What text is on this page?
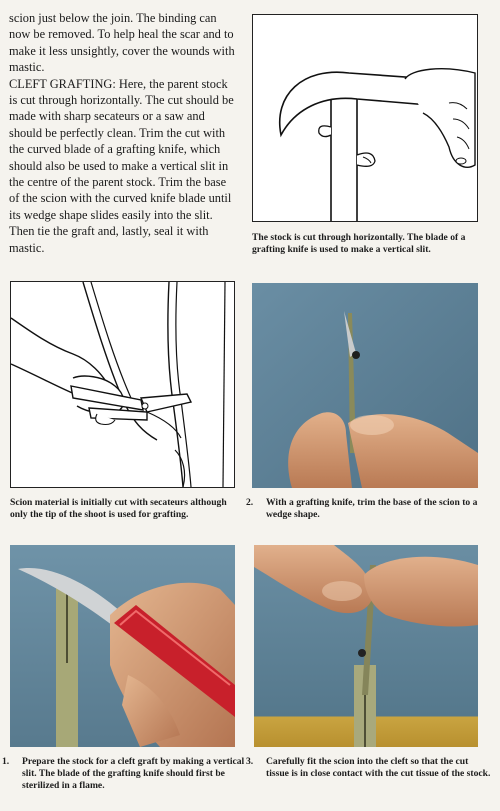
scion just below the join. The binding can now be removed. To help heal the scar and to make it less unsightly, cover the wounds with mastic.

CLEFT GRAFTING: Here, the parent stock is cut through horizontally. The cut should be made with sharp secateurs or a saw and should be perfectly clean. Trim the cut with the curved blade of a grafting knife, which should also be used to make a vertical slit in the centre of the parent stock. Trim the base of the scion with the curved knife blade until its wedge shape slides easily into the slit. Then tie the graft and, lastly, seal it with mastic.

The stock is cut through horizontally. The blade of a grafting knife is used to make a vertical slit.
Scion material is initially cut with secateurs although only the tip of the shoot is used for grafting.
2. With a grafting knife, trim the base of the scion to a wedge shape.
1. Prepare the stock for a cleft graft by making a vertical slit. The blade of the grafting knife should first be sterilized in a flame.
3. Carefully fit the scion into the cleft so that the cut tissue is in close contact with the cut tissue of the stock.
